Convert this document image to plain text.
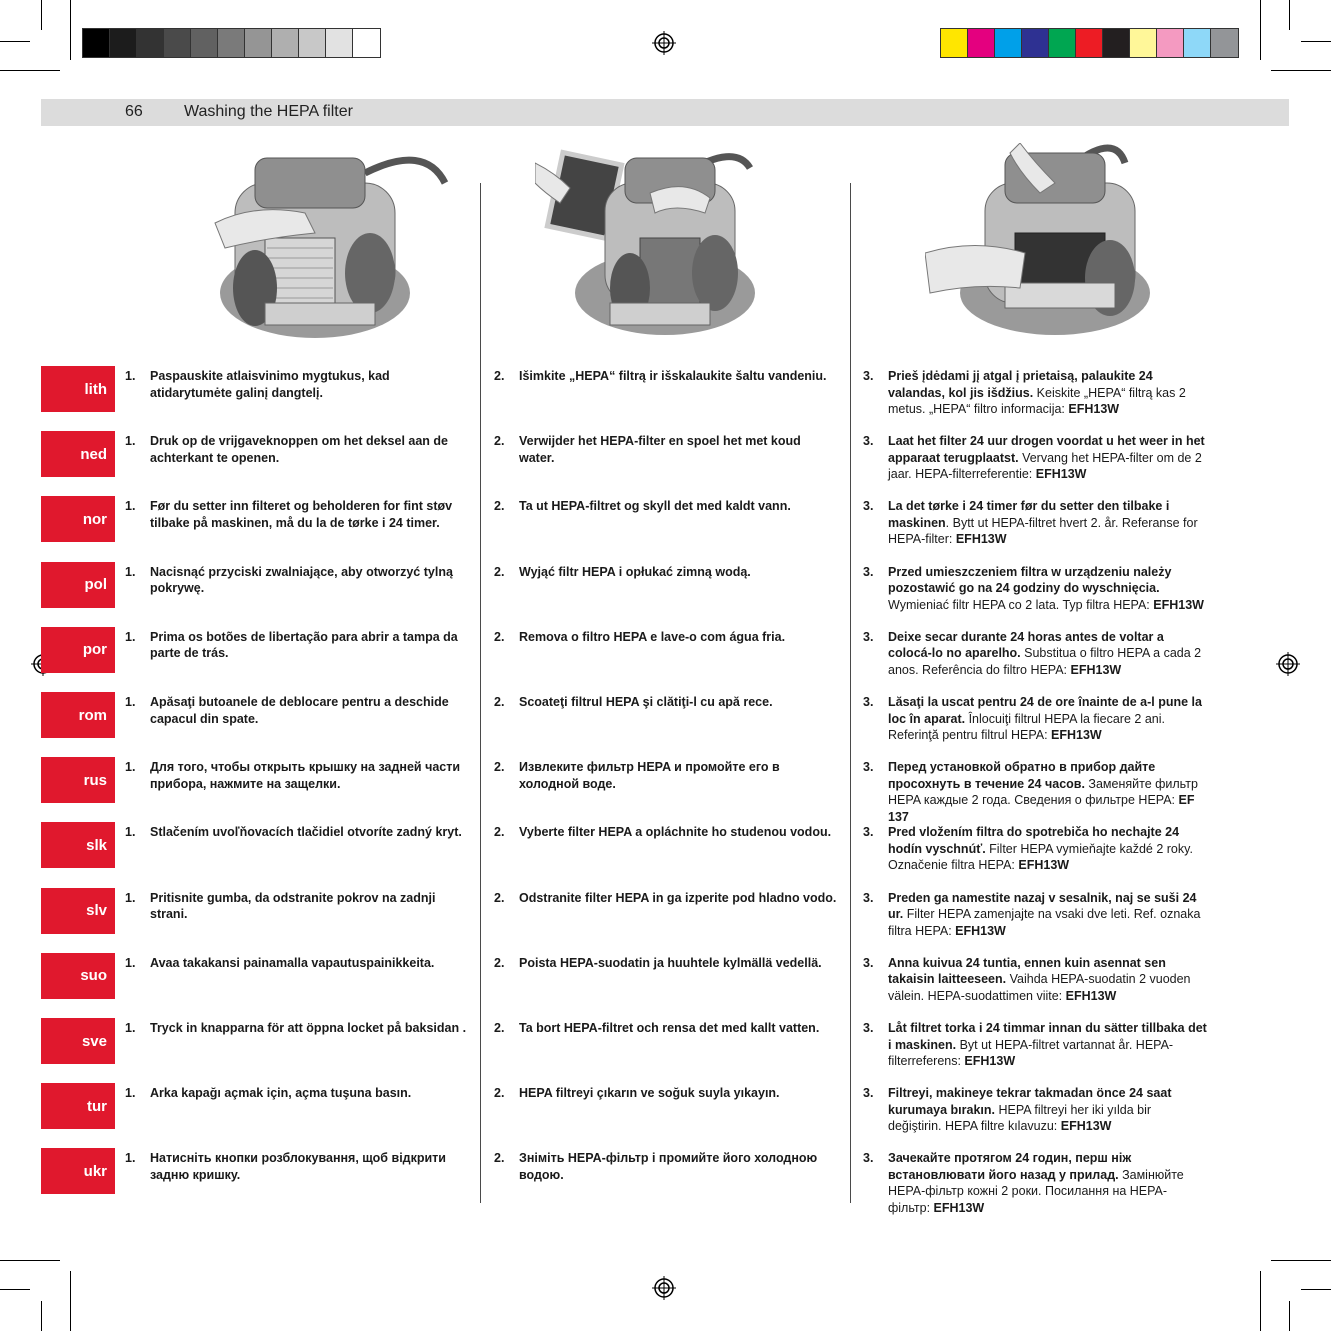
66	Washing the HEPA filter
lith
1. Paspauskite atlaisvinimo mygtukus, kad atidarytumėte galinį dangtelį.
2. Išimkite „HEPA“ filtrą ir išskalaukite šaltu vandeniu.	3. Prieš įdėdami jį atgal į prietaisą, palaukite 24 valandas, kol jis išdžius. Keiskite „HEPA“ filtrą kas 2 metus. „HEPA“ filtro informacija: EFH13W
ned
1. Druk op de vrijgaveknoppen om het deksel aan de achterkant te openen.
2. Verwijder het HEPA-filter en spoel het met koud water.
3. Laat het filter 24 uur drogen voordat u het weer in het apparaat terugplaatst. Vervang het HEPA-filter om de 2 jaar. HEPA-filterreferentie: EFH13W
nor
1. Før du setter inn filteret og beholderen for fint støv tilbake på maskinen, må du la de tørke i 24 timer.
2. Ta ut HEPA-filtret og skyll det med kaldt vann.	3. La det tørke i 24 timer før du setter den tilbake i maskinen. Bytt ut HEPA-filtret hvert 2. år. Referanse for HEPA-filter: EFH13W
pol
1. Nacisnąć przyciski zwalniające, aby otworzyć tylną pokrywę.
2. Wyjąć filtr HEPA i opłukać zimną wodą.	3. Przed umieszczeniem filtra w urządzeniu należy pozostawić go na 24 godziny do wyschnięcia. Wymieniać filtr HEPA co 2 lata. Typ filtra HEPA: EFH13W
por
1. Prima os botões de libertação para abrir a tampa da parte de trás.
2. Remova o filtro HEPA e lave-o com água fria.	3. Deixe secar durante 24 horas antes de voltar a colocá-lo no aparelho. Substitua o filtro HEPA a cada 2 anos. Referência do filtro HEPA: EFH13W
rom
1. Apăsaţi butoanele de deblocare pentru a deschide capacul din spate.
2. Scoateţi filtrul HEPA şi clătiţi-l cu apă rece.	3. Lăsaţi la uscat pentru 24 de ore înainte de a-l pune la loc în aparat. Înlocuiţi filtrul HEPA la fiecare 2 ani. Referinţă pentru filtrul HEPA: EFH13W
rus
1. Для того, чтобы открыть крышку на задней части прибора, нажмите на защелки.
2. Извлеките фильтр HEPA и промойте его в холодной воде.
3. Перед установкой обратно в прибор дайте просохнуть в течение 24 часов. Заменяйте фильтр HEPA каждые 2 года. Сведения о фильтре HEPA: EF 137
slk
1. Stlačením uvoľňovacích tlačidiel otvoríte zadný kryt.	2. Vyberte filter HEPA a opláchnite ho studenou vodou.	3. Pred vložením filtra do spotrebiča ho nechajte 24 hodín vyschnúť. Filter HEPA vymieňajte každé 2 roky. Označenie filtra HEPA: EFH13W
slv
1. Pritisnite gumba, da odstranite pokrov na zadnji strani.
2. Odstranite filter HEPA in ga izperite pod hladno vodo. 3. Preden ga namestite nazaj v sesalnik, naj se suši 24 ur. Filter HEPA zamenjajte na vsaki dve leti. Ref. oznaka filtra HEPA: EFH13W
suo
1. Avaa takakansi painamalla vapautuspainikkeita.	2. Poista HEPA-suodatin ja huuhtele kylmällä vedellä.	3. Anna kuivua 24 tuntia, ennen kuin asennat sen takaisin laitteeseen. Vaihda HEPA-suodatin 2 vuoden välein. HEPA-suodattimen viite: EFH13W
sve
1. Tryck in knapparna för att öppna locket på baksidan .	2. Ta bort HEPA-filtret och rensa det med kallt vatten.	3. Låt filtret torka i 24 timmar innan du sätter tillbaka det i maskinen. Byt ut HEPA-filtret vartannat år. HEPA-filterreferens: EFH13W
tur
1. Arka kapağı açmak için, açma tuşuna basın.	2. HEPA filtreyi çıkarın ve soğuk suyla yıkayın.	3. Filtreyi, makineye tekrar takmadan önce 24 saat kurumaya bırakın. HEPA filtreyi her iki yılda bir değiştirin. HEPA filtre kılavuzu: EFH13W
ukr
1. Натисніть кнопки розблокування, щоб відкрити задню кришку.
2. Зніміть HEPA-фільтр і промийте його холодною водою.
3. Зачекайте протягом 24 годин, перш ніж встановлювати його назад у прилад. Замінюйте HEPA-фільтр кожні 2 роки. Посилання на HEPA-фільтр: EFH13W
